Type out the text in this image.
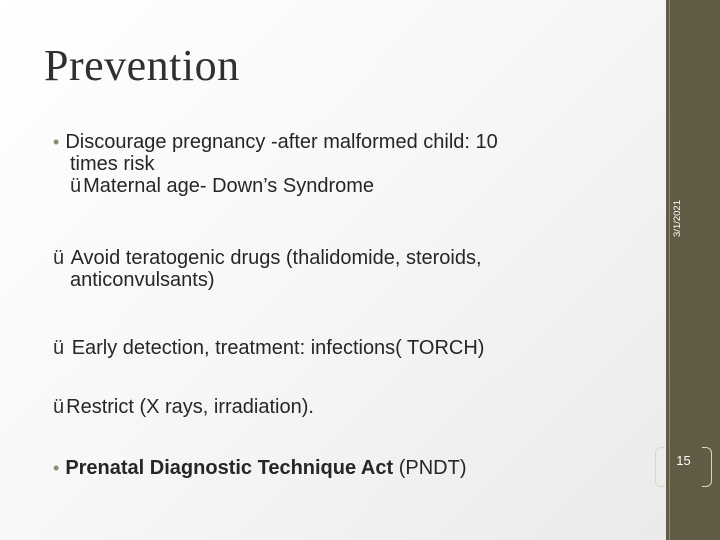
Prevention
3/1/2021
15
• Discourage pregnancy -after malformed child: 10
times risk
ü Maternal age- Down’s Syndrome
ü Avoid teratogenic drugs (thalidomide, steroids,
anticonvulsants)
ü Early detection, treatment: infections( TORCH)
ü Restrict (X rays, irradiation).
• Prenatal Diagnostic Technique Act (PNDT)
